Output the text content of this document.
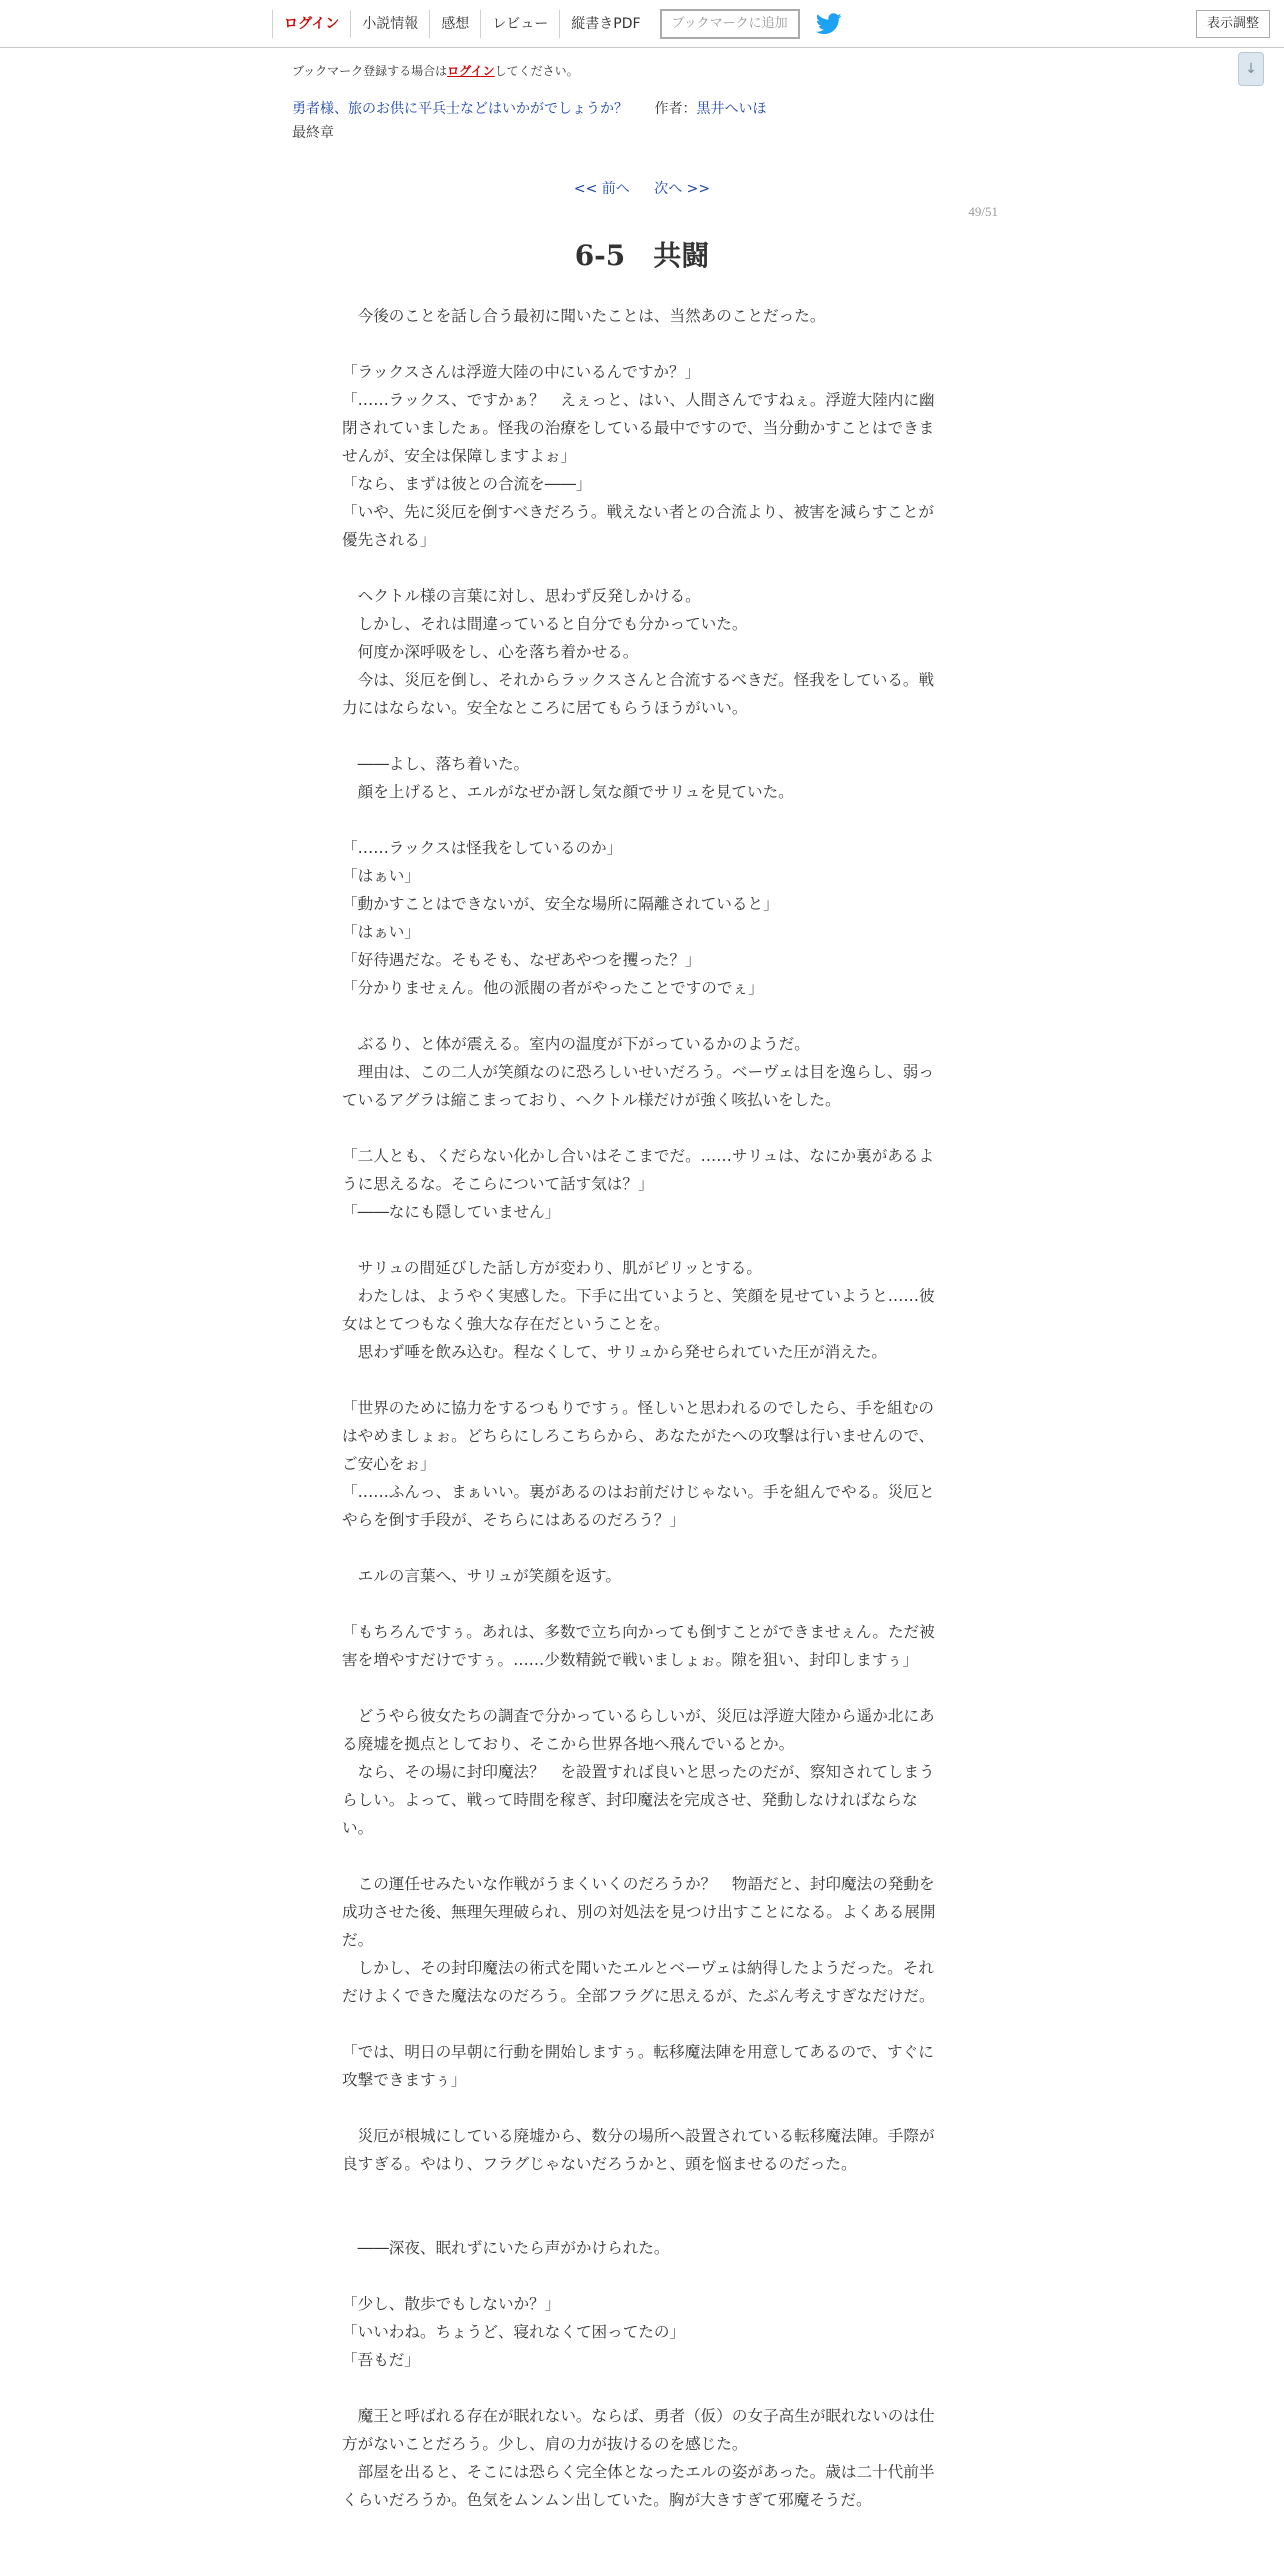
ログイン	小説情報	感想	レビュー	縦書きPDF	ブックマークに追加	表示調整
↓
ブックマーク登録する場合はログインしてください。
勇者様、旅のお供に平兵士などはいかがでしょうか？ 作者：黒井へいほ
最終章
<< 前へ 次へ >>
49/51
6-5　共闘

　今後のことを話し合う最初に聞いたことは、当然あのことだった。

「ラックスさんは浮遊大陸の中にいるんですか？」

「……ラックス、ですかぁ？　えぇっと、はい、人間さんですねぇ。浮遊大陸内に幽閉されていましたぁ。怪我の治療をしている最中ですので、当分動かすことはできませんが、安全は保障しますよぉ」

「なら、まずは彼との合流を――」

「いや、先に災厄を倒すべきだろう。戦えない者との合流より、被害を減らすことが優先される」

　ヘクトル様の言葉に対し、思わず反発しかける。

　しかし、それは間違っていると自分でも分かっていた。

　何度か深呼吸をし、心を落ち着かせる。

　今は、災厄を倒し、それからラックスさんと合流するべきだ。怪我をしている。戦力にはならない。安全なところに居てもらうほうがいい。

　――よし、落ち着いた。

　顔を上げると、エルがなぜか訝し気な顔でサリュを見ていた。

「……ラックスは怪我をしているのか」

「はぁい」

「動かすことはできないが、安全な場所に隔離されていると」

「はぁい」

「好待遇だな。そもそも、なぜあやつを攫った？」

「分かりませぇん。他の派閥の者がやったことですのでぇ」

　ぶるり、と体が震える。室内の温度が下がっているかのようだ。

　理由は、この二人が笑顔なのに恐ろしいせいだろう。ベーヴェは目を逸らし、弱っているアグラは縮こまっており、ヘクトル様だけが強く咳払いをした。

「二人とも、くだらない化かし合いはそこまでだ。……サリュは、なにか裏があるように思えるな。そこらについて話す気は？」

「――なにも隠していません」

　サリュの間延びした話し方が変わり、肌がピリッとする。

　わたしは、ようやく実感した。下手に出ていようと、笑顔を見せていようと……彼女はとてつもなく強大な存在だということを。

　思わず唾を飲み込む。程なくして、サリュから発せられていた圧が消えた。

「世界のために協力をするつもりですぅ。怪しいと思われるのでしたら、手を組むのはやめましょぉ。どちらにしろこちらから、あなたがたへの攻撃は行いませんので、ご安心をぉ」

「……ふんっ、まぁいい。裏があるのはお前だけじゃない。手を組んでやる。災厄とやらを倒す手段が、そちらにはあるのだろう？」

　エルの言葉へ、サリュが笑顔を返す。

「もちろんですぅ。あれは、多数で立ち向かっても倒すことができませぇん。ただ被害を増やすだけですぅ。……少数精鋭で戦いましょぉ。隙を狙い、封印しますぅ」

　どうやら彼女たちの調査で分かっているらしいが、災厄は浮遊大陸から遥か北にある廃墟を拠点としており、そこから世界各地へ飛んでいるとか。

　なら、その場に封印魔法？　を設置すれば良いと思ったのだが、察知されてしまうらしい。よって、戦って時間を稼ぎ、封印魔法を完成させ、発動しなければならない。

　この運任せみたいな作戦がうまくいくのだろうか？　物語だと、封印魔法の発動を成功させた後、無理矢理破られ、別の対処法を見つけ出すことになる。よくある展開だ。

　しかし、その封印魔法の術式を聞いたエルとベーヴェは納得したようだった。それだけよくできた魔法なのだろう。全部フラグに思えるが、たぶん考えすぎなだけだ。

「では、明日の早朝に行動を開始しますぅ。転移魔法陣を用意してあるので、すぐに攻撃できますぅ」

　災厄が根城にしている廃墟から、数分の場所へ設置されている転移魔法陣。手際が良すぎる。やはり、フラグじゃないだろうかと、頭を悩ませるのだった。

　――深夜、眠れずにいたら声がかけられた。

「少し、散歩でもしないか？」

「いいわね。ちょうど、寝れなくて困ってたの」

「吾もだ」

　魔王と呼ばれる存在が眠れない。ならば、勇者（仮）の女子高生が眠れないのは仕方がないことだろう。少し、肩の力が抜けるのを感じた。

　部屋を出ると、そこには恐らく完全体となったエルの姿があった。歳は二十代前半くらいだろうか。色気をムンムン出していた。胸が大きすぎて邪魔そうだ。
